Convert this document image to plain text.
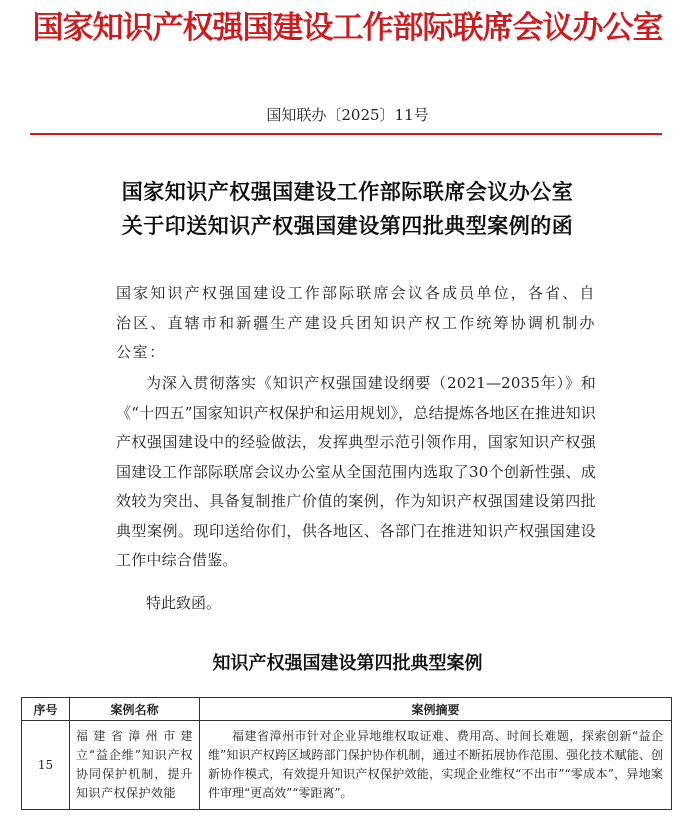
国家知识产权强国建设工作部际联席会议办公室
国知联办〔2025〕11号
国家知识产权强国建设工作部际联席会议办公室
关于印送知识产权强国建设第四批典型案例的函
国家知识产权强国建设工作部际联席会议各成员单位，各省、自治区、直辖市和新疆生产建设兵团知识产权工作统筹协调机制办公室：
为深入贯彻落实《知识产权强国建设纲要（2021—2035年）》和《“十四五”国家知识产权保护和运用规划》，总结提炼各地区在推进知识产权强国建设中的经验做法，发挥典型示范引领作用，国家知识产权强国建设工作部际联席会议办公室从全国范围内选取了30个创新性强、成效较为突出、具备复制推广价值的案例，作为知识产权强国建设第四批典型案例。现印送给你们，供各地区、各部门在推进知识产权强国建设工作中综合借鉴。
特此致函。
知识产权强国建设第四批典型案例
序号	案例名称	案例摘要
15	福建省漳州市建立“益企维”知识产权协同保护机制，提升知识产权保护效能	福建省漳州市针对企业异地维权取证难、费用高、时间长难题，探索创新“益企维”知识产权跨区域跨部门保护协作机制，通过不断拓展协作范围、强化技术赋能、创新协作模式，有效提升知识产权保护效能，实现企业维权“不出市”“零成本”，异地案件审理“更高效”“零距离”。
